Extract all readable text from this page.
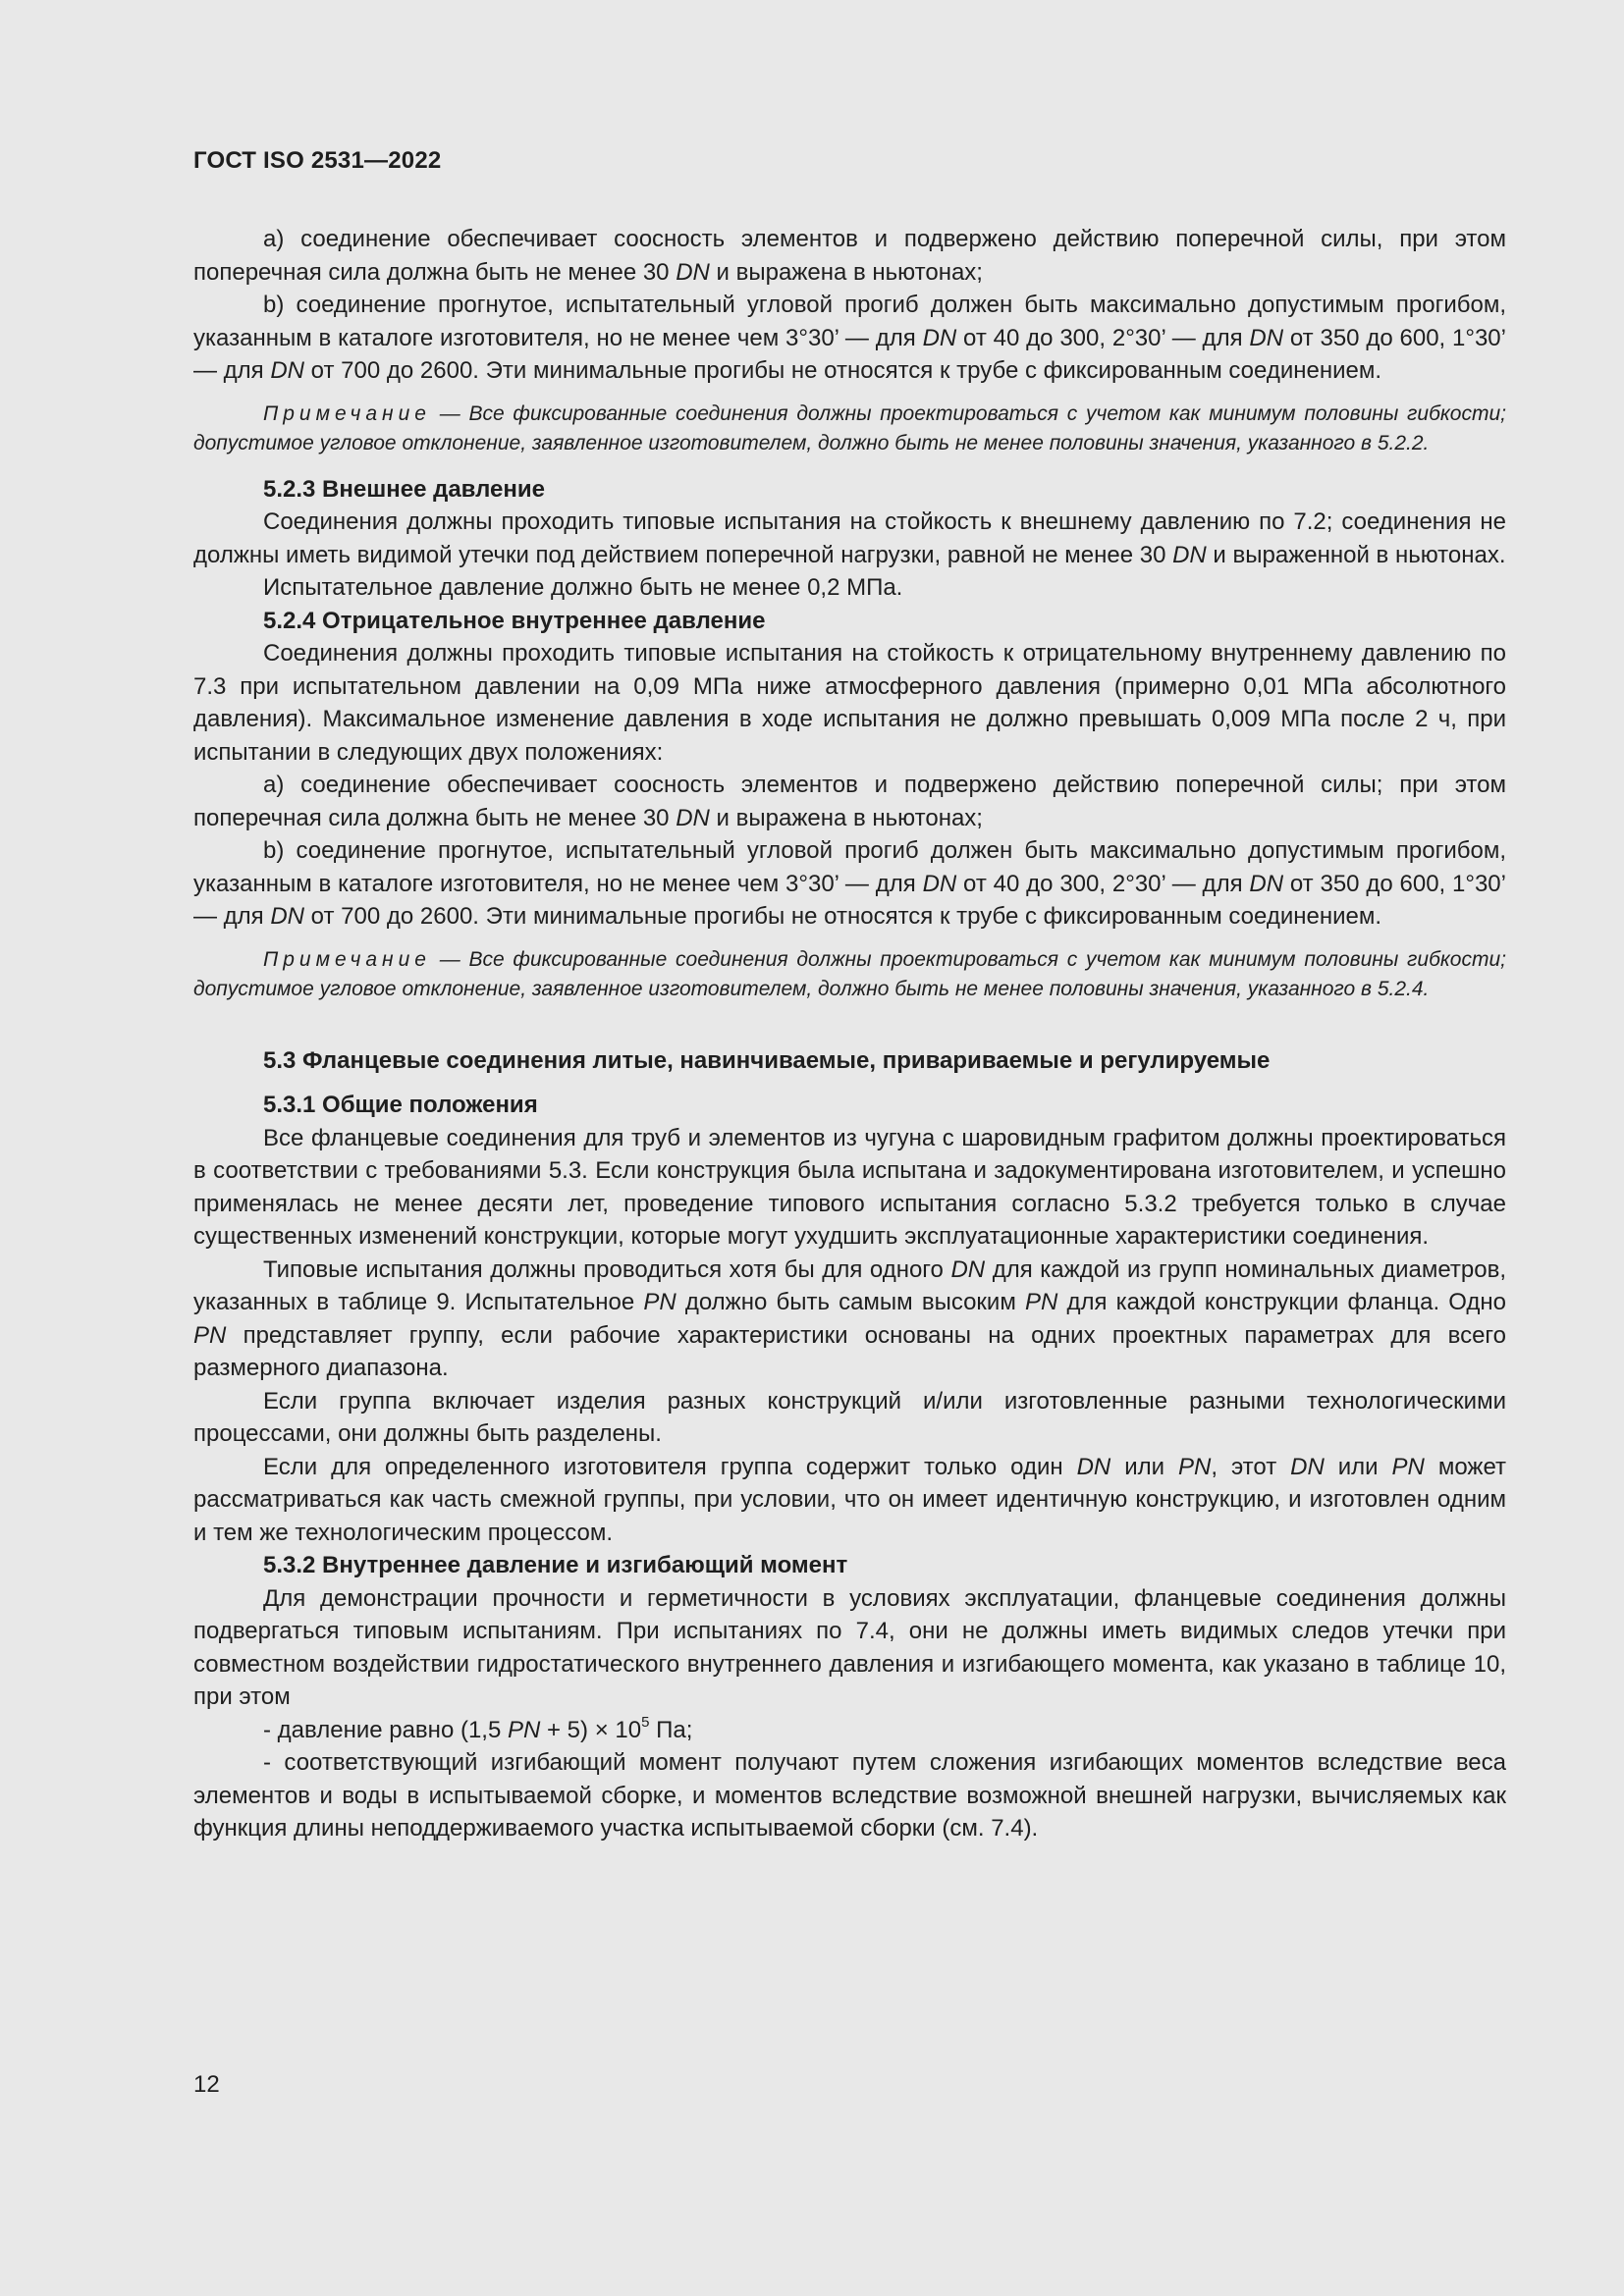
ГОСТ ISO 2531—2022
a) соединение обеспечивает соосность элементов и подвержено действию поперечной силы, при этом поперечная сила должна быть не менее 30 DN и выражена в ньютонах;
b) соединение прогнутое, испытательный угловой прогиб должен быть максимально допустимым прогибом, указанным в каталоге изготовителя, но не менее чем 3°30’ — для DN от 40 до 300, 2°30’ — для DN от 350 до 600, 1°30’ — для DN от 700 до 2600. Эти минимальные прогибы не относятся к трубе с фиксированным соединением.
Примечание — Все фиксированные соединения должны проектироваться с учетом как минимум половины гибкости; допустимое угловое отклонение, заявленное изготовителем, должно быть не менее половины значения, указанного в 5.2.2.
5.2.3 Внешнее давление
Соединения должны проходить типовые испытания на стойкость к внешнему давлению по 7.2; соединения не должны иметь видимой утечки под действием поперечной нагрузки, равной не менее 30 DN и выраженной в ньютонах.
Испытательное давление должно быть не менее 0,2 МПа.
5.2.4 Отрицательное внутреннее давление
Соединения должны проходить типовые испытания на стойкость к отрицательному внутреннему давлению по 7.3 при испытательном давлении на 0,09 МПа ниже атмосферного давления (примерно 0,01 МПа абсолютного давления). Максимальное изменение давления в ходе испытания не должно превышать 0,009 МПа после 2 ч, при испытании в следующих двух положениях:
a) соединение обеспечивает соосность элементов и подвержено действию поперечной силы; при этом поперечная сила должна быть не менее 30 DN и выражена в ньютонах;
b) соединение прогнутое, испытательный угловой прогиб должен быть максимально допустимым прогибом, указанным в каталоге изготовителя, но не менее чем 3°30’ — для DN от 40 до 300, 2°30’ — для DN от 350 до 600, 1°30’ — для DN от 700 до 2600. Эти минимальные прогибы не относятся к трубе с фиксированным соединением.
Примечание — Все фиксированные соединения должны проектироваться с учетом как минимум половины гибкости; допустимое угловое отклонение, заявленное изготовителем, должно быть не менее половины значения, указанного в 5.2.4.
5.3 Фланцевые соединения литые, навинчиваемые, привариваемые и регулируемые
5.3.1 Общие положения
Все фланцевые соединения для труб и элементов из чугуна с шаровидным графитом должны проектироваться в соответствии с требованиями 5.3. Если конструкция была испытана и задокументирована изготовителем, и успешно применялась не менее десяти лет, проведение типового испытания согласно 5.3.2 требуется только в случае существенных изменений конструкции, которые могут ухудшить эксплуатационные характеристики соединения.
Типовые испытания должны проводиться хотя бы для одного DN для каждой из групп номинальных диаметров, указанных в таблице 9. Испытательное PN должно быть самым высоким PN для каждой конструкции фланца. Одно PN представляет группу, если рабочие характеристики основаны на одних проектных параметрах для всего размерного диапазона.
Если группа включает изделия разных конструкций и/или изготовленные разными технологическими процессами, они должны быть разделены.
Если для определенного изготовителя группа содержит только один DN или PN, этот DN или PN может рассматриваться как часть смежной группы, при условии, что он имеет идентичную конструкцию, и изготовлен одним и тем же технологическим процессом.
5.3.2 Внутреннее давление и изгибающий момент
Для демонстрации прочности и герметичности в условиях эксплуатации, фланцевые соединения должны подвергаться типовым испытаниям. При испытаниях по 7.4, они не должны иметь видимых следов утечки при совместном воздействии гидростатического внутреннего давления и изгибающего момента, как указано в таблице 10, при этом
- давление равно (1,5 PN + $5) \times 10^5$ Па;
- соответствующий изгибающий момент получают путем сложения изгибающих моментов вследствие веса элементов и воды в испытываемой сборке, и моментов вследствие возможной внешней нагрузки, вычисляемых как функция длины неподдерживаемого участка испытываемой сборки (см. 7.4).
12
